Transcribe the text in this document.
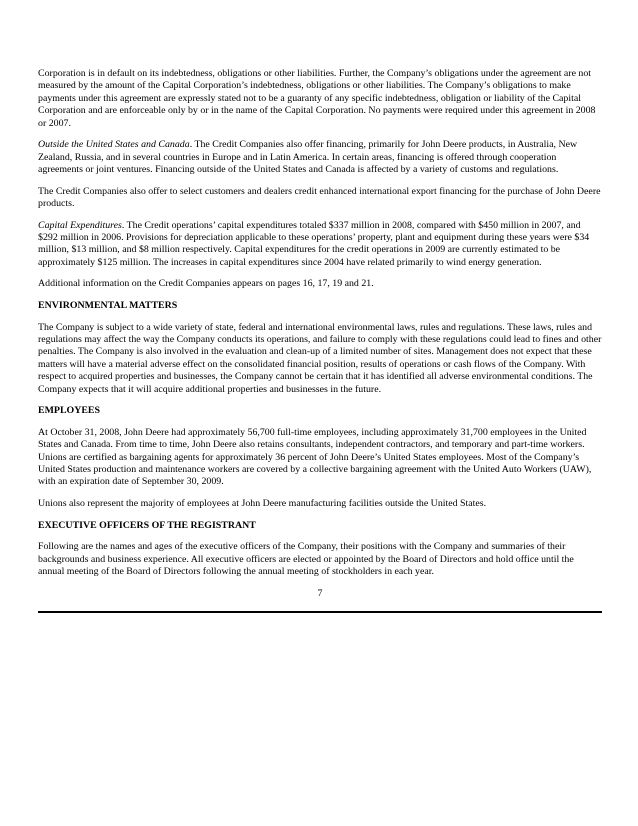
Corporation is in default on its indebtedness, obligations or other liabilities. Further, the Company’s obligations under the agreement are not measured by the amount of the Capital Corporation’s indebtedness, obligations or other liabilities. The Company’s obligations to make payments under this agreement are expressly stated not to be a guaranty of any specific indebtedness, obligation or liability of the Capital Corporation and are enforceable only by or in the name of the Capital Corporation. No payments were required under this agreement in 2008 or 2007.

Outside the United States and Canada. The Credit Companies also offer financing, primarily for John Deere products, in Australia, New Zealand, Russia, and in several countries in Europe and in Latin America. In certain areas, financing is offered through cooperation agreements or joint ventures. Financing outside of the United States and Canada is affected by a variety of customs and regulations.

The Credit Companies also offer to select customers and dealers credit enhanced international export financing for the purchase of John Deere products.

Capital Expenditures. The Credit operations’ capital expenditures totaled $337 million in 2008, compared with $450 million in 2007, and $292 million in 2006. Provisions for depreciation applicable to these operations’ property, plant and equipment during these years were $34 million, $13 million, and $8 million respectively. Capital expenditures for the credit operations in 2009 are currently estimated to be approximately $125 million. The increases in capital expenditures since 2004 have related primarily to wind energy generation.

Additional information on the Credit Companies appears on pages 16, 17, 19 and 21.

ENVIRONMENTAL MATTERS

The Company is subject to a wide variety of state, federal and international environmental laws, rules and regulations. These laws, rules and regulations may affect the way the Company conducts its operations, and failure to comply with these regulations could lead to fines and other penalties. The Company is also involved in the evaluation and clean-up of a limited number of sites. Management does not expect that these matters will have a material adverse effect on the consolidated financial position, results of operations or cash flows of the Company. With respect to acquired properties and businesses, the Company cannot be certain that it has identified all adverse environmental conditions. The Company expects that it will acquire additional properties and businesses in the future.

EMPLOYEES

At October 31, 2008, John Deere had approximately 56,700 full-time employees, including approximately 31,700 employees in the United States and Canada. From time to time, John Deere also retains consultants, independent contractors, and temporary and part-time workers. Unions are certified as bargaining agents for approximately 36 percent of John Deere’s United States employees. Most of the Company’s United States production and maintenance workers are covered by a collective bargaining agreement with the United Auto Workers (UAW), with an expiration date of September 30, 2009.

Unions also represent the majority of employees at John Deere manufacturing facilities outside the United States.

EXECUTIVE OFFICERS OF THE REGISTRANT

Following are the names and ages of the executive officers of the Company, their positions with the Company and summaries of their backgrounds and business experience. All executive officers are elected or appointed by the Board of Directors and hold office until the annual meeting of the Board of Directors following the annual meeting of stockholders in each year.

7
